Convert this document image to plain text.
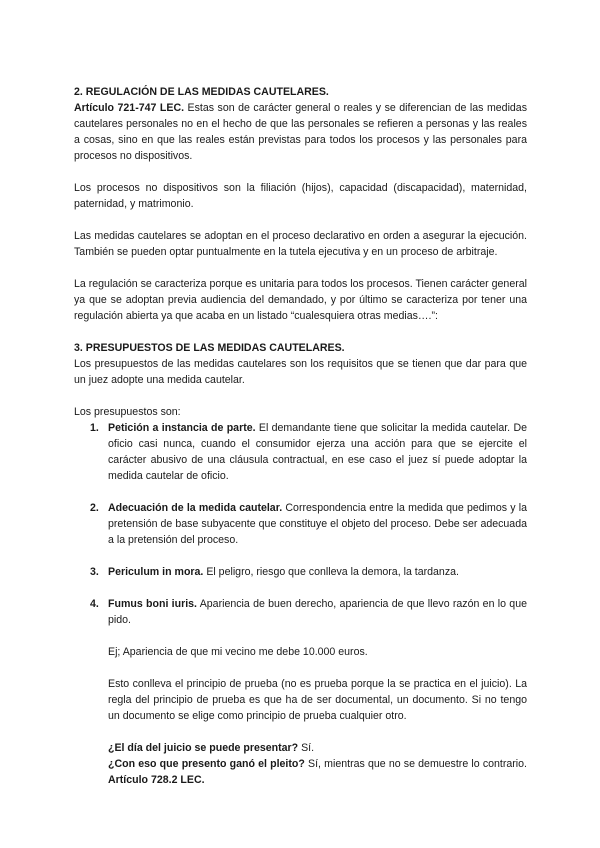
2. REGULACIÓN DE LAS MEDIDAS CAUTELARES.

Artículo 721-747 LEC. Estas son de carácter general o reales y se diferencian de las medidas cautelares personales no en el hecho de que las personales se refieren a personas y las reales a cosas, sino en que las reales están previstas para todos los procesos y las personales para procesos no dispositivos.

Los procesos no dispositivos son la filiación (hijos), capacidad (discapacidad), maternidad, paternidad, y matrimonio.

Las medidas cautelares se adoptan en el proceso declarativo en orden a asegurar la ejecución. También se pueden optar puntualmente en la tutela ejecutiva y en un proceso de arbitraje.

La regulación se caracteriza porque es unitaria para todos los procesos. Tienen carácter general ya que se adoptan previa audiencia del demandado, y por último se caracteriza por tener una regulación abierta ya que acaba en un listado “cualesquiera otras medias….”:

3. PRESUPUESTOS DE LAS MEDIDAS CAUTELARES.

Los presupuestos de las medidas cautelares son los requisitos que se tienen que dar para que un juez adopte una medida cautelar.

Los presupuestos son:

1. Petición a instancia de parte. El demandante tiene que solicitar la medida cautelar. De oficio casi nunca, cuando el consumidor ejerza una acción para que se ejercite el carácter abusivo de una cláusula contractual, en ese caso el juez sí puede adoptar la medida cautelar de oficio.

2. Adecuación de la medida cautelar. Correspondencia entre la medida que pedimos y la pretensión de base subyacente que constituye el objeto del proceso. Debe ser adecuada a la pretensión del proceso.

3. Periculum in mora. El peligro, riesgo que conlleva la demora, la tardanza.

4. Fumus boni iuris. Apariencia de buen derecho, apariencia de que llevo razón en lo que pido.

Ej; Apariencia de que mi vecino me debe 10.000 euros.

Esto conlleva el principio de prueba (no es prueba porque la se practica en el juicio). La regla del principio de prueba es que ha de ser documental, un documento. Si no tengo un documento se elige como principio de prueba cualquier otro.

¿El día del juicio se puede presentar? Sí.

¿Con eso que presento ganó el pleito? Sí, mientras que no se demuestre lo contrario. Artículo 728.2 LEC.
